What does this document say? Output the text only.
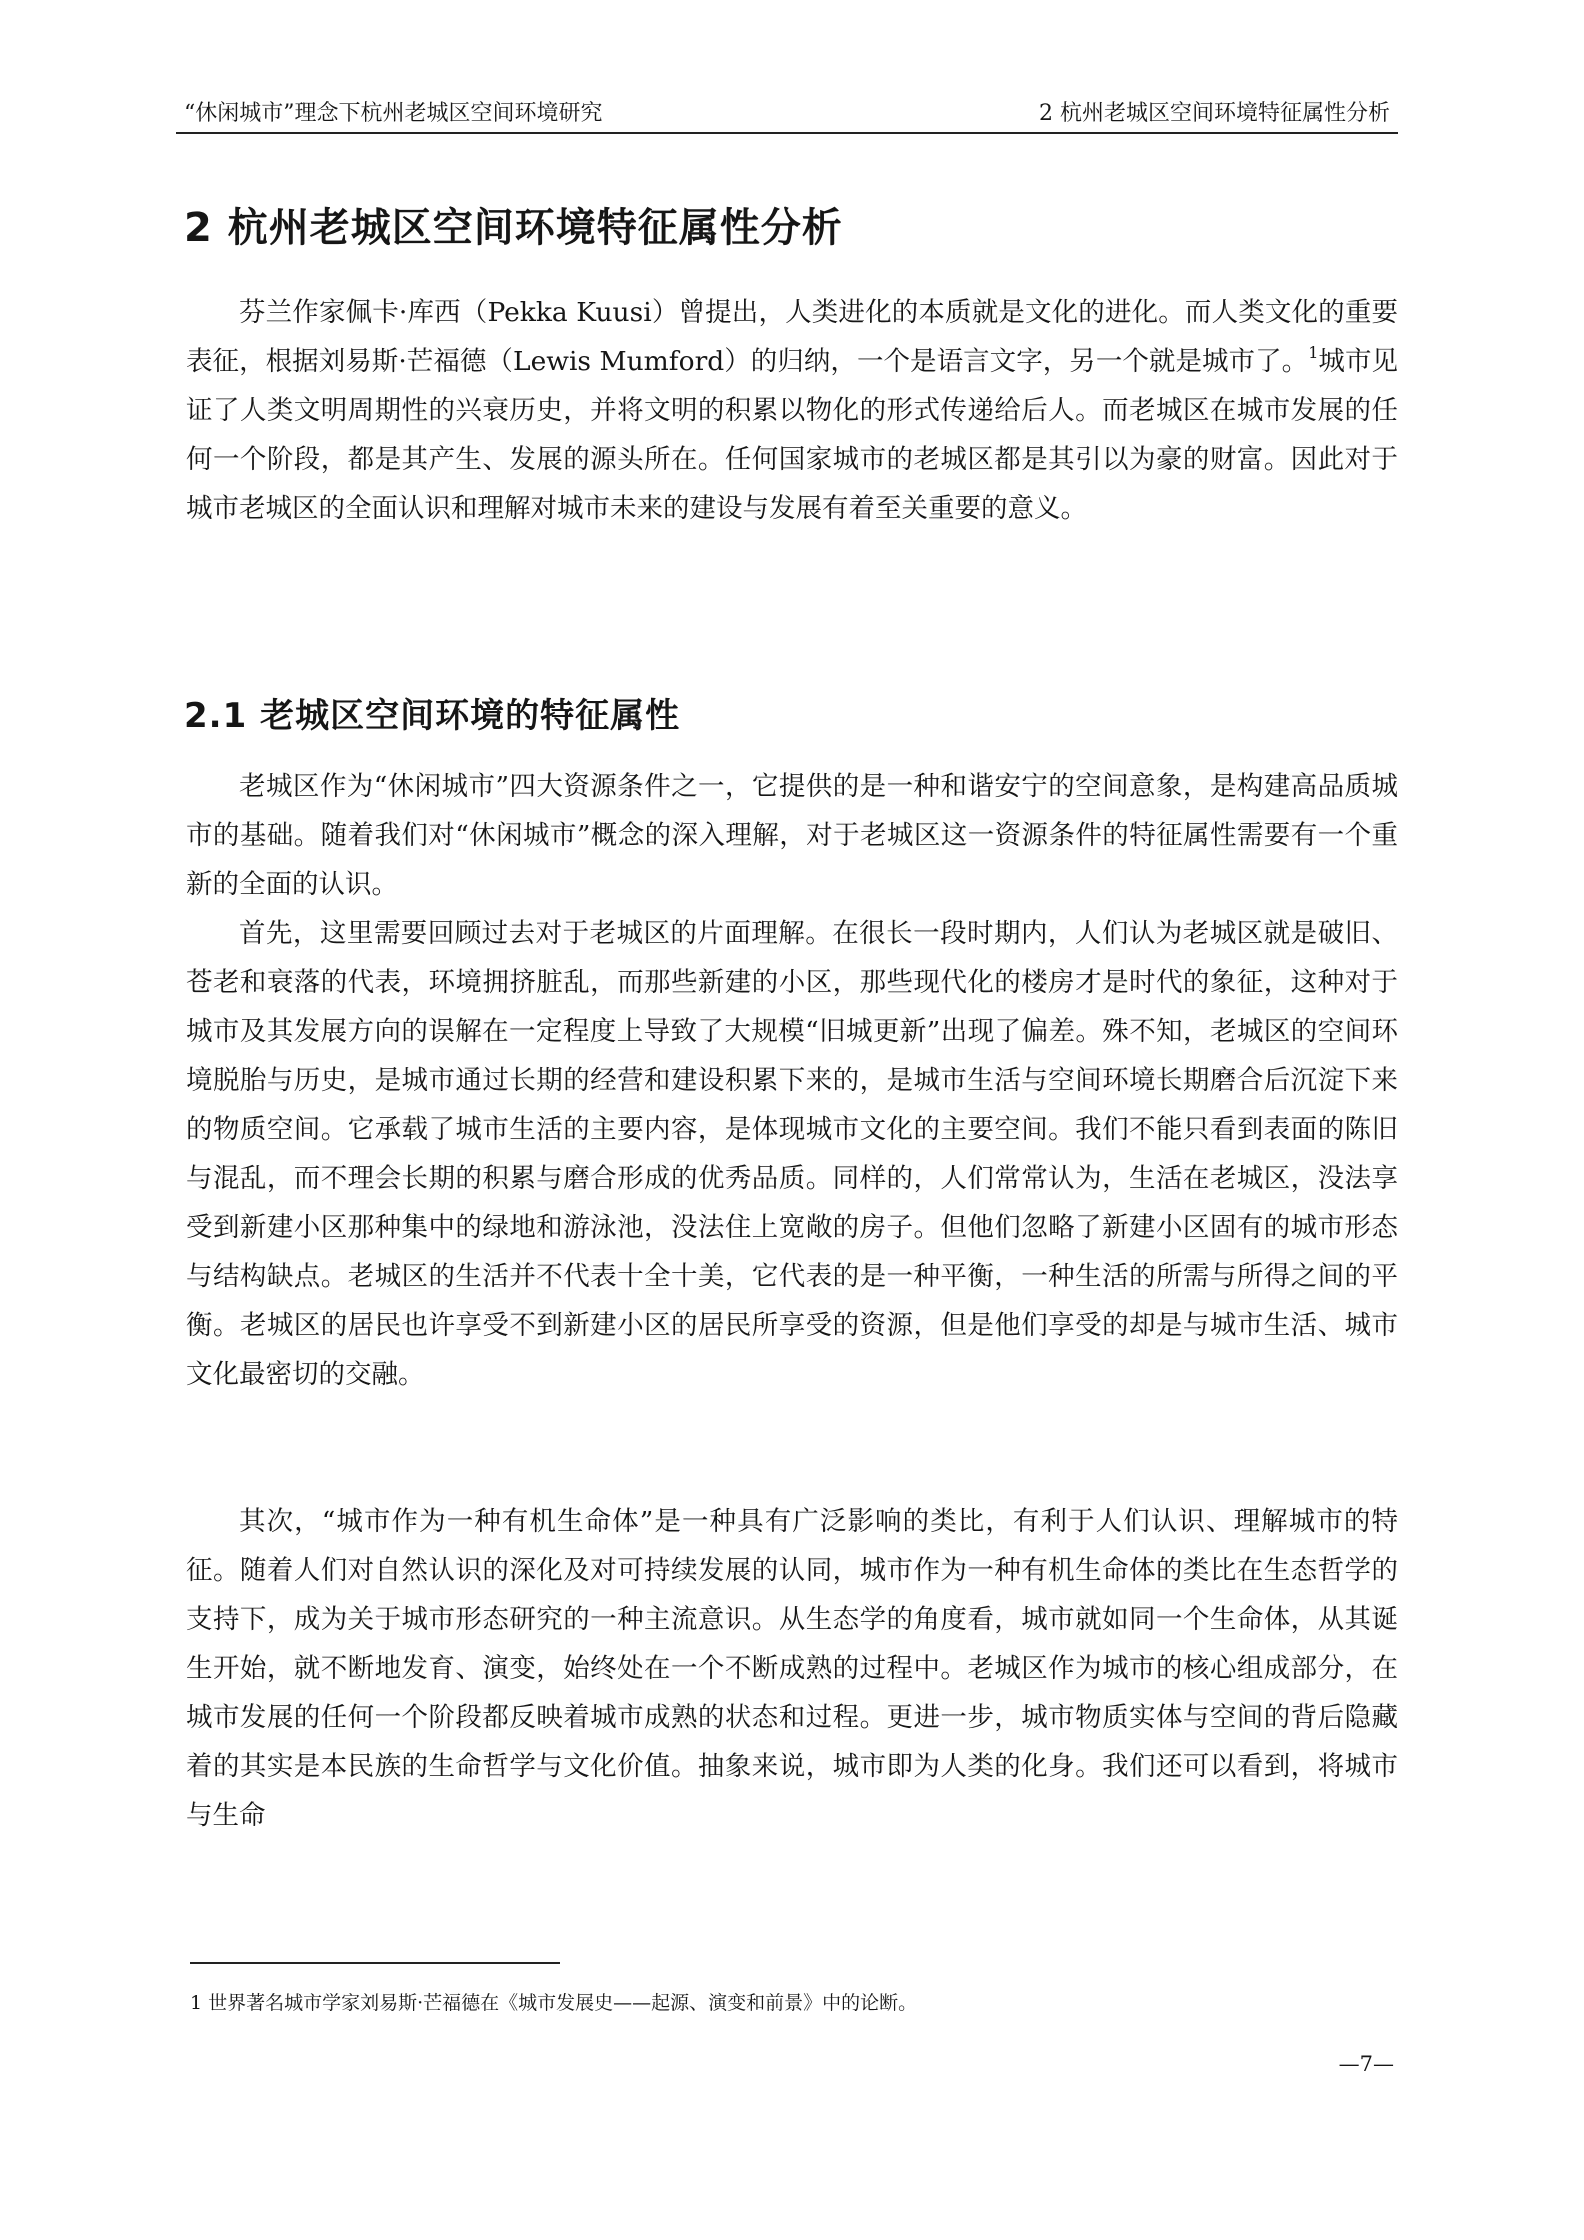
“休闲城市”理念下杭州老城区空间环境研究	2 杭州老城区空间环境特征属性分析
2 杭州老城区空间环境特征属性分析

芬兰作家佩卡·库西（Pekka Kuusi）曾提出，人类进化的本质就是文化的进化。而人类文化的重要表征，根据刘易斯·芒福德（Lewis Mumford）的归纳，一个是语言文字，另一个就是城市了。$^1$城市见证了人类文明周期性的兴衰历史，并将文明的积累以物化的形式传递给后人。而老城区在城市发展的任何一个阶段，都是其产生、发展的源头所在。任何国家城市的老城区都是其引以为豪的财富。因此对于城市老城区的全面认识和理解对城市未来的建设与发展有着至关重要的意义。

2.1 老城区空间环境的特征属性

老城区作为“休闲城市”四大资源条件之一，它提供的是一种和谐安宁的空间意象，是构建高品质城市的基础。随着我们对“休闲城市”概念的深入理解，对于老城区这一资源条件的特征属性需要有一个重新的全面的认识。

首先，这里需要回顾过去对于老城区的片面理解。在很长一段时期内，人们认为老城区就是破旧、苍老和衰落的代表，环境拥挤脏乱，而那些新建的小区，那些现代化的楼房才是时代的象征，这种对于城市及其发展方向的误解在一定程度上导致了大规模“旧城更新”出现了偏差。殊不知，老城区的空间环境脱胎与历史，是城市通过长期的经营和建设积累下来的，是城市生活与空间环境长期磨合后沉淀下来的物质空间。它承载了城市生活的主要内容，是体现城市文化的主要空间。我们不能只看到表面的陈旧与混乱，而不理会长期的积累与磨合形成的优秀品质。同样的，人们常常认为，生活在老城区，没法享受到新建小区那种集中的绿地和游泳池，没法住上宽敞的房子。但他们忽略了新建小区固有的城市形态与结构缺点。老城区的生活并不代表十全十美，它代表的是一种平衡，一种生活的所需与所得之间的平衡。老城区的居民也许享受不到新建小区的居民所享受的资源，但是他们享受的却是与城市生活、城市文化最密切的交融。

其次，“城市作为一种有机生命体”是一种具有广泛影响的类比，有利于人们认识、理解城市的特征。随着人们对自然认识的深化及对可持续发展的认同，城市作为一种有机生命体的类比在生态哲学的支持下，成为关于城市形态研究的一种主流意识。从生态学的角度看，城市就如同一个生命体，从其诞生开始，就不断地发育、演变，始终处在一个不断成熟的过程中。老城区作为城市的核心组成部分，在城市发展的任何一个阶段都反映着城市成熟的状态和过程。更进一步，城市物质实体与空间的背后隐藏着的其实是本民族的生命哲学与文化价值。抽象来说，城市即为人类的化身。我们还可以看到，将城市与生命

1 世界著名城市学家刘易斯·芒福德在《城市发展史——起源、演变和前景》中的论断。

—7—
